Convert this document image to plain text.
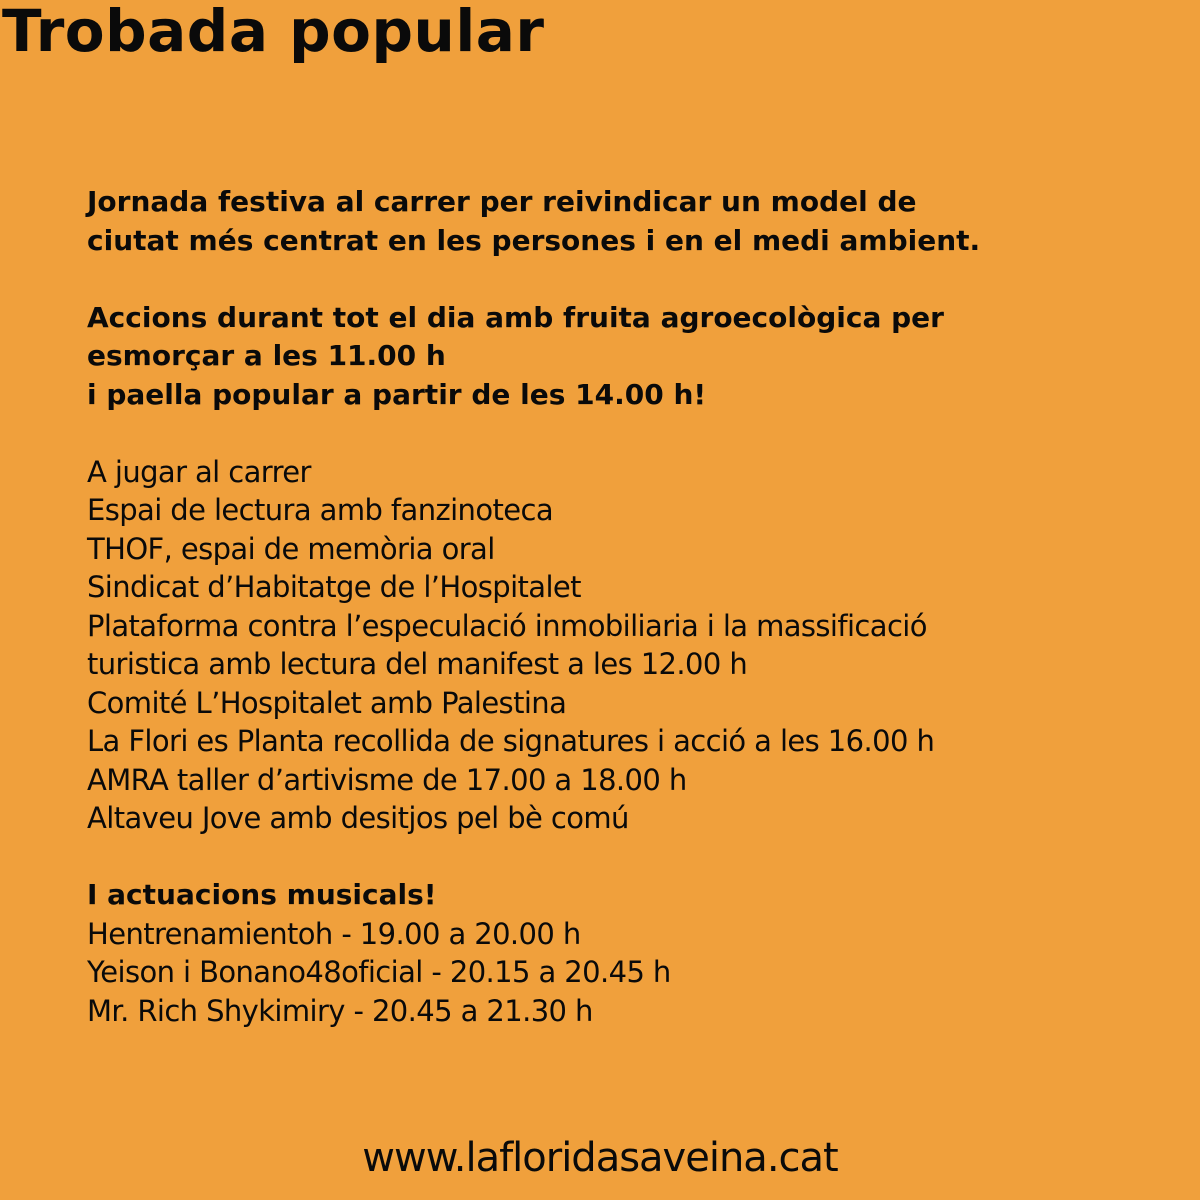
Trobada popular
Jornada festiva al carrer per reivindicar un model de
ciutat més centrat en les persones i en el medi ambient.
Accions durant tot el dia amb fruita agroecològica per
esmorçar a les 11.00 h
i paella popular a partir de les 14.00 h!
A jugar al carrer
Espai de lectura amb fanzinoteca
THOF, espai de memòria oral
Sindicat d’Habitatge de l’Hospitalet
Plataforma contra l’especulació inmobiliaria i la massificació
turistica amb lectura del manifest a les 12.00 h
Comité L’Hospitalet amb Palestina
La Flori es Planta recollida de signatures i acció a les 16.00 h
AMRA taller d’artivisme de 17.00 a 18.00 h
Altaveu Jove amb desitjos pel bè comú
I actuacions musicals!
Hentrenamientoh - 19.00 a 20.00 h
Yeison i Bonano48oficial - 20.15 a 20.45 h
Mr. Rich Shykimiry - 20.45 a 21.30 h
www.lafloridasaveina.cat
